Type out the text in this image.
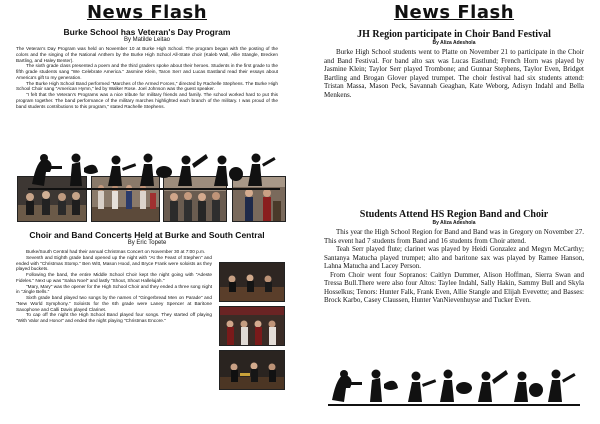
News Flash
Burke School has Veteran's Day Program
By Matilde Leitao

The Veteran's Day Program was held on November 10 at Burke High School. The program began with the posting of the colors and the singing of the National Anthem by the Burke High School All-State choir (Kaleb Wall, Allie Stangle, Brecken Bartling, and Haley Benter).

The sixth grade class presented a poem and the third graders spoke about their heroes. Students in the first grade to the fifth grade students sang "We Celebrate America." Jasmine Klein, Taron Serr and Lucas Eastland read their essays about America's gift to my generation.

The Burke High School Band performed "Marches of the Armed Forces," directed by Rachelle Stephens. The Burke High School Choir sang "American Hymn," led by Walker Rose. Joel Johnson was the guest speaker.

"I felt that the Veteran's Programs was a nice tribute for military friends and family. The school worked hard to put this program together. The band performance of the military marches highlighted each branch of the military. I was proud of the band students contributions to this program," stated Rachelle Stephens.

Choir and Band Concerts Held at Burke and South Central
By Eric Topete

Burke/South Central had their annual Christmas Concert on November 30 at 7:00 p.m.

Seventh and Eighth grade band opened up the night with "At the Feast of Stephen" and ended with "Christmas Stomp." Ben Witt, Mason Hood, and Bryce Frank were soloists as they played buckets.

Following the band, the entire Middle School Choir kept the night going with "Adeste Fideles." Next up was "Salsa Noel" and lastly "Shout, Shout Hallelujah."

"Mary, Mary" was the opener for the High School Choir and they ended a three song night in "Jingle Bells."

Sixth grade band played two songs by the names of "Gingerbread Men on Parade" and "New World Symphony." Soloists for the 6th grade were Laney Spencer at Baritone Saxophone and Calli Davis played Clarinet.

To cap off the night the High School Band played four songs. They started off playing "With Valor and Honor" and ended the night playing "Christmas Encore."

News Flash
JH Region participate in Choir Band Festival
By Aliza Adeshola

Burke High School students went to Platte on November 21 to participate in the Choir and Band Festival. For band alto sax was Lucas Eastlund; French Horn was played by Jasmine Klein; Taylor Serr played Trombone; and Gunnar Stephens, Taylor Even, Bridget Bartling and Brogan Glover played trumpet. The choir festival had six students attend: Tristan Massa, Mason Peck, Savannah Geaghan, Kate Weborg, Adisyn Indahl and Bella Menkens.

Students Attend HS Region Band and Choir
By Aliza Adeshola

This year the High School Region for Band and Band was in Gregory on November 27. This event had 7 students from Band and 16 students from Choir attend.

Teah Serr played flute; clarinet was played by Heidi Gonzalez and Megyn McCarthy; Santanya Matucha played trumpet; alto and baritone sax was played by Ramee Hanson, Lahna Matucha and Lacey Person.

From Choir went four Sopranos: Caitlyn Dummer, Alison Hoffman, Sierra Swan and Tressa Bull.There were also four Altos: Taylee Indahl, Sally Hakin, Sammy Bull and Skyla Hosselkus; Tenors: Hunter Falk, Frank Even, Allie Stangle and Elijah Evevette; and Basses: Brock Karbo, Casey Claussen, Hunter VanNievenhuyse and Tucker Even.
